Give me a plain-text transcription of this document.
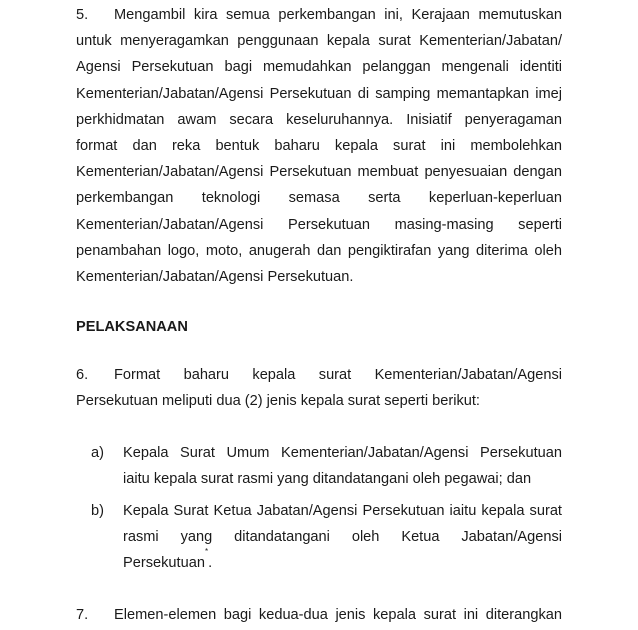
5. Mengambil kira semua perkembangan ini, Kerajaan memutuskan untuk menyeragamkan penggunaan kepala surat Kementerian/Jabatan/ Agensi Persekutuan bagi memudahkan pelanggan mengenali identiti Kementerian/Jabatan/Agensi Persekutuan di samping memantapkan imej perkhidmatan awam secara keseluruhannya. Inisiatif penyeragaman format dan reka bentuk baharu kepala surat ini membolehkan Kementerian/Jabatan/Agensi Persekutuan membuat penyesuaian dengan perkembangan teknologi semasa serta keperluan-keperluan Kementerian/Jabatan/Agensi Persekutuan masing-masing seperti penambahan logo, moto, anugerah dan pengiktirafan yang diterima oleh Kementerian/Jabatan/Agensi Persekutuan.

PELAKSANAAN

6. Format baharu kepala surat Kementerian/Jabatan/Agensi Persekutuan meliputi dua (2) jenis kepala surat seperti berikut:

a) Kepala Surat Umum Kementerian/Jabatan/Agensi Persekutuan iaitu kepala surat rasmi yang ditandatangani oleh pegawai; dan
b) Kepala Surat Ketua Jabatan/Agensi Persekutuan iaitu kepala surat rasmi yang ditandatangani oleh Ketua Jabatan/Agensi Persekutuan*.

7. Elemen-elemen bagi kedua-dua jenis kepala surat ini diterangkan
